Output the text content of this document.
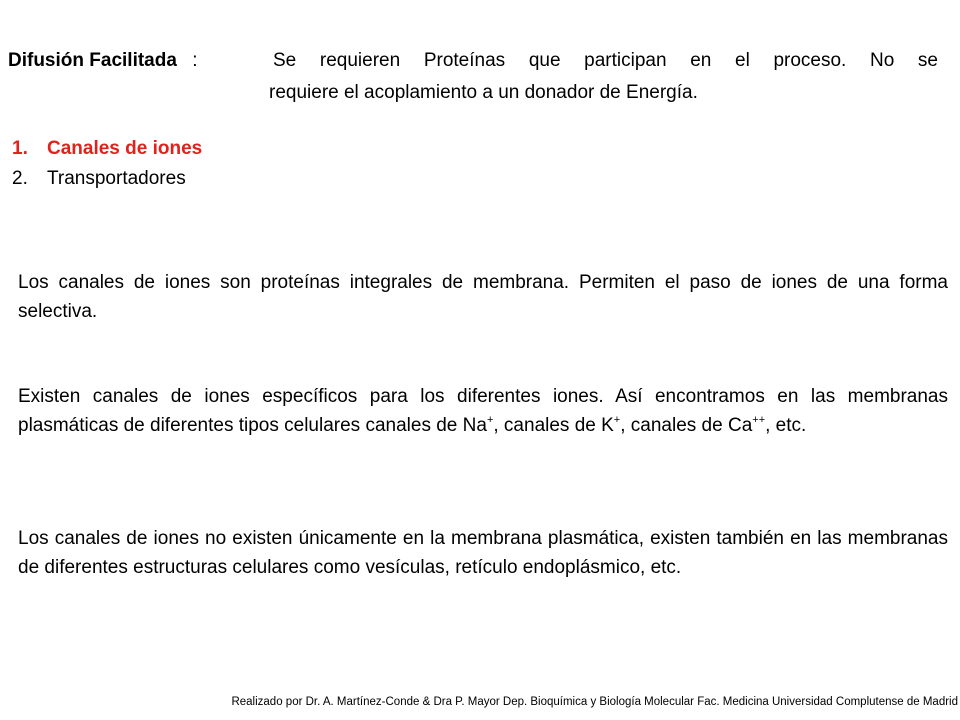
Difusión Facilitada :	Se requieren Proteínas que participan en el proceso. No se
requiere el acoplamiento a un donador de Energía.
1.	Canales de iones
2.	Transportadores
Los canales de iones son proteínas integrales de membrana. Permiten el paso de iones de una forma selectiva.
Existen canales de iones específicos para los diferentes iones. Así encontramos en las membranas plasmáticas de diferentes tipos celulares canales de Na+, canales de K+, canales de Ca++, etc.
Los canales de iones no existen únicamente en la membrana plasmática, existen también en las membranas de diferentes estructuras celulares como vesículas, retículo endoplásmico, etc.
Realizado por Dr. A. Martínez-Conde & Dra P. Mayor Dep. Bioquímica y Biología Molecular Fac. Medicina Universidad Complutense de Madrid
